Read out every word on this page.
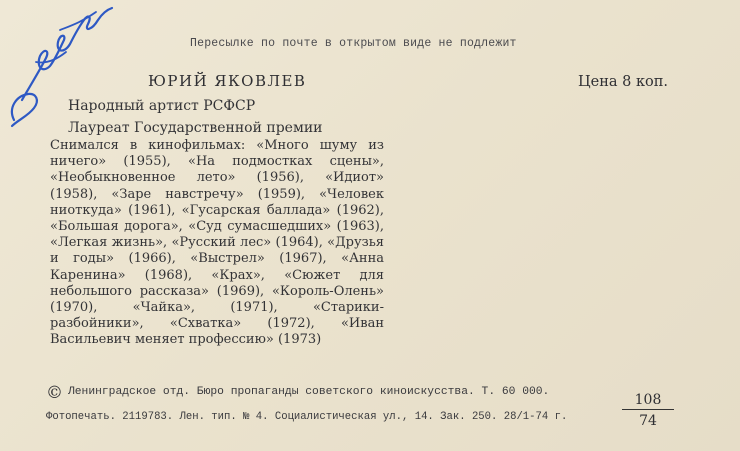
Пересылке по почте в открытом виде не подлежит
ЮРИЙ ЯКОВЛЕВ	Цена 8 коп.
Народный артист РСФСР
Лауреат Государственной премии
Снимался в кинофильмах: «Много шуму из ничего» (1955), «На подмостках сцены», «Необыкновенное лето» (1956), «Идиот» (1958), «Заре навстречу» (1959), «Человек ниоткуда» (1961), «Гусарская баллада» (1962), «Большая дорога», «Суд сумасшедших» (1963), «Легкая жизнь», «Русский лес» (1964), «Друзья и годы» (1966), «Выстрел» (1967), «Анна Каренина» (1968), «Крах», «Сюжет для небольшого рассказа» (1969), «Король-Олень» (1970), «Чайка», (1971), «Старики-разбойники», «Схватка» (1972), «Иван Васильевич меняет профессию» (1973)
© Ленинградское отд. Бюро пропаганды советского киноискусства. Т. 60 000.
Фотопечать. 2119783. Лен. тип. № 4. Социалистическая ул., 14. Зак. 250. 28/1-74 г.
108
74
